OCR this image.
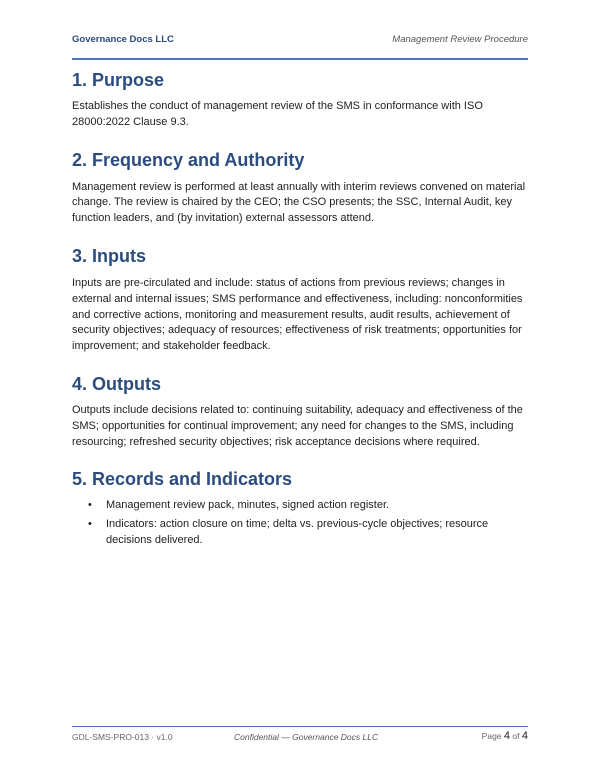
Governance Docs LLC	Management Review Procedure
1. Purpose

Establishes the conduct of management review of the SMS in conformance with ISO 28000:2022 Clause 9.3.

2. Frequency and Authority

Management review is performed at least annually with interim reviews convened on material change. The review is chaired by the CEO; the CSO presents; the SSC, Internal Audit, key function leaders, and (by invitation) external assessors attend.

3. Inputs

Inputs are pre-circulated and include: status of actions from previous reviews; changes in external and internal issues; SMS performance and effectiveness, including: nonconformities and corrective actions, monitoring and measurement results, audit results, achievement of security objectives; adequacy of resources; effectiveness of risk treatments; opportunities for improvement; and stakeholder feedback.

4. Outputs

Outputs include decisions related to: continuing suitability, adequacy and effectiveness of the SMS; opportunities for continual improvement; any need for changes to the SMS, including resourcing; refreshed security objectives; risk acceptance decisions where required.

5. Records and Indicators
• Management review pack, minutes, signed action register.
• Indicators: action closure on time; delta vs. previous-cycle objectives; resource decisions delivered.
GDL-SMS-PRO-013 · v1.0	Confidential — Governance Docs LLC	Page 4 of 4
